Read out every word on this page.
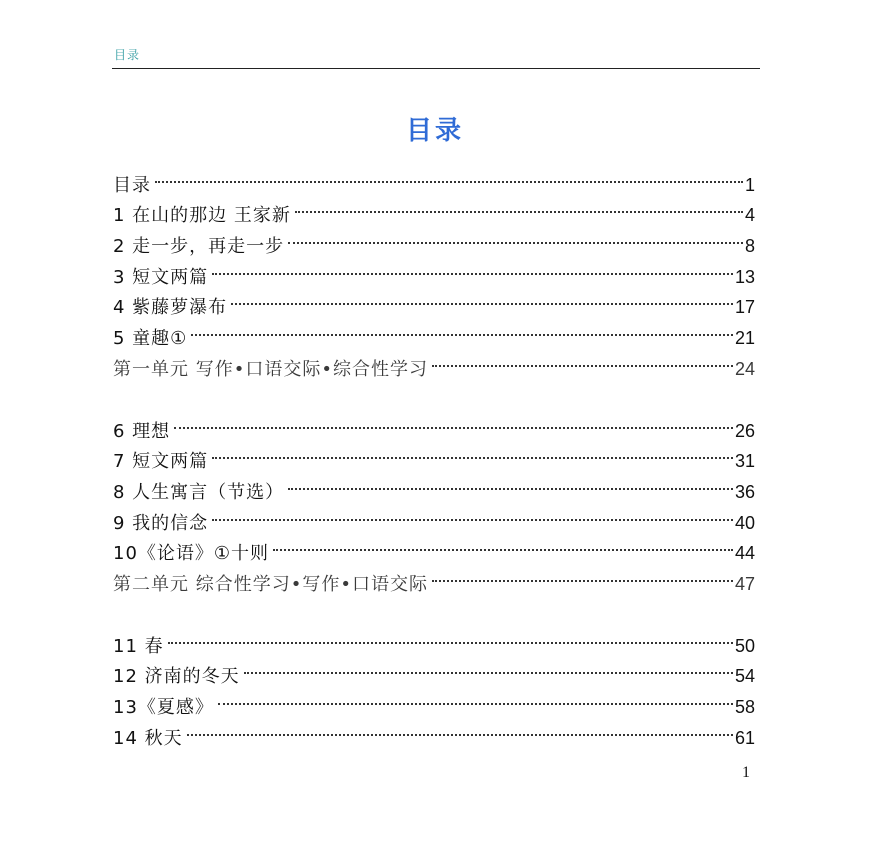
目录
目录
目录	1
1 在山的那边 王家新	4
2 走一步，再走一步	8
3 短文两篇	13
4 紫藤萝瀑布	17
5 童趣①	21
第一单元 写作•口语交际•综合性学习	24
6 理想	26
7 短文两篇	31
8 人生寓言（节选）	36
9 我的信念	40
10《论语》①十则	44
第二单元 综合性学习•写作•口语交际	47
11 春	50
12 济南的冬天	54
13《夏感》	58
14 秋天	61
1
